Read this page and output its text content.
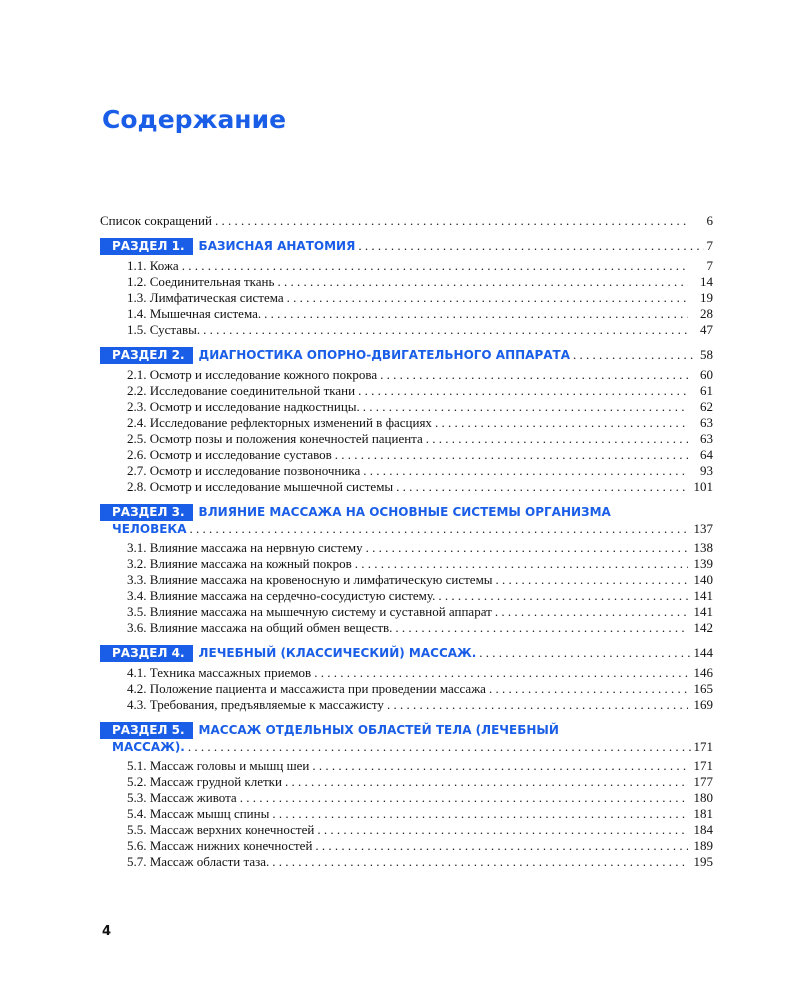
Содержание
Список сокращений . . .	6
РАЗДЕЛ 1.	БАЗИСНАЯ АНАТОМИЯ . . .	7
1.1. Кожа . . .	7
1.2. Соединительная ткань . . .	14
1.3. Лимфатическая система . . .	19
1.4. Мышечная система. . . .	28
1.5. Суставы. . . .	47
РАЗДЕЛ 2.	ДИАГНОСТИКА ОПОРНО-ДВИГАТЕЛЬНОГО АППАРАТА . . .	58
2.1. Осмотр и исследование кожного покрова . . .	60
2.2. Исследование соединительной ткани . . .	61
2.3. Осмотр и исследование надкостницы. . . .	62
2.4. Исследование рефлекторных изменений в фасциях . . .	63
2.5. Осмотр позы и положения конечностей пациента . . .	63
2.6. Осмотр и исследование суставов . . .	64
2.7. Осмотр и исследование позвоночника . . .	93
2.8. Осмотр и исследование мышечной системы . . .	101
РАЗДЕЛ 3.	ВЛИЯНИЕ МАССАЖА НА ОСНОВНЫЕ СИСТЕМЫ ОРГАНИЗМА
ЧЕЛОВЕКА . . .	137
3.1. Влияние массажа на нервную систему . . .	138
3.2. Влияние массажа на кожный покров . . .	139
3.3. Влияние массажа на кровеносную и лимфатическую системы . . .	140
3.4. Влияние массажа на сердечно-сосудистую систему. . . .	141
3.5. Влияние массажа на мышечную систему и суставной аппарат . . .	141
3.6. Влияние массажа на общий обмен веществ. . . .	142
РАЗДЕЛ 4.	ЛЕЧЕБНЫЙ (КЛАССИЧЕСКИЙ) МАССАЖ. . . .	144
4.1. Техника массажных приемов . . .	146
4.2. Положение пациента и массажиста при проведении массажа . . .	165
4.3. Требования, предъявляемые к массажисту . . .	169
РАЗДЕЛ 5.	МАССАЖ ОТДЕЛЬНЫХ ОБЛАСТЕЙ ТЕЛА (ЛЕЧЕБНЫЙ
МАССАЖ). . . .	171
5.1. Массаж головы и мышц шеи . . .	171
5.2. Массаж грудной клетки . . .	177
5.3. Массаж живота . . .	180
5.4. Массаж мышц спины . . .	181
5.5. Массаж верхних конечностей . . .	184
5.6. Массаж нижних конечностей . . .	189
5.7. Массаж области таза. . . .	195
4
